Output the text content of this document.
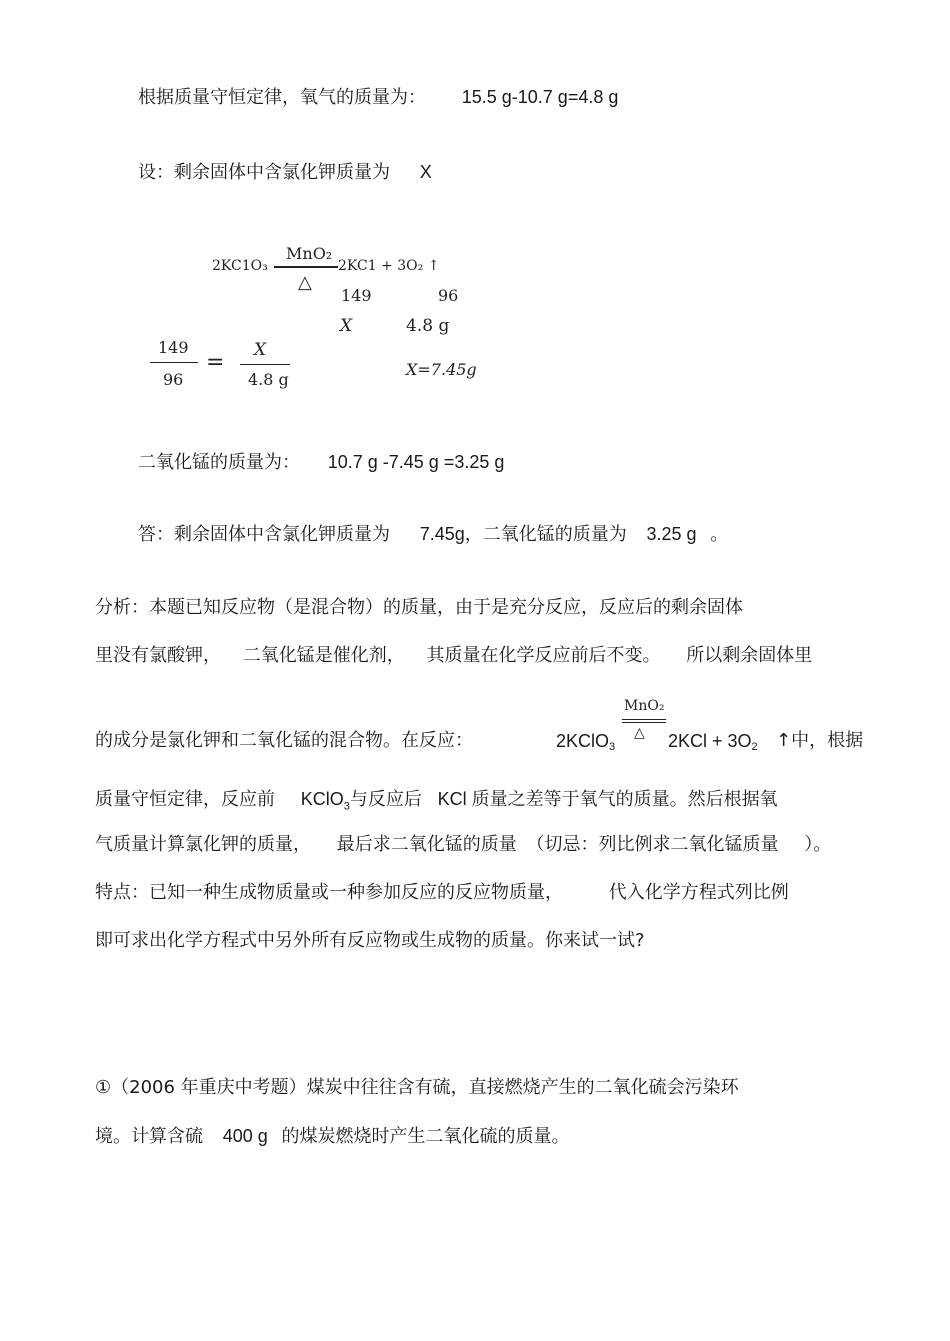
根据质量守恒定律，氧气的质量为： 15.5 g-10.7 g=4.8 g
设：剩余固体中含氯化钾质量为 X
2KC1O₃
MnO₂
△
2KC1 + 3O₂ ↑
149	96
X	4.8 g
149
96
= X
4.8 g
X=7.45g
二氧化锰的质量为： 10.7 g -7.45 g =3.25 g
答：剩余固体中含氯化钾质量为 7.45g，二氧化锰的质量为 3.25 g 。
分析：本题已知反应物（是混合物）的质量，由于是充分反应，反应后的剩余固体
里没有氯酸钾， 二氧化锰是催化剂， 其质量在化学反应前后不变。 所以剩余固体里
的成分是氯化钾和二氧化锰的混合物。在反应：	2KClO$_3$
MnO₂
△ $2KCl + 3O_2$ ↑中，根据
质量守恒定律，反应前 KClO$_3$与反应后 KCl 质量之差等于氧气的质量。然后根据氧
气质量计算氯化钾的质量， 最后求二氧化锰的质量 （切忌：列比例求二氧化锰质量 ）。
特点：已知一种生成物质量或一种参加反应的反应物质量，	代入化学方程式列比例
即可求出化学方程式中另外所有反应物或生成物的质量。你来试一试?
①（2006 年重庆中考题）煤炭中往往含有硫，直接燃烧产生的二氧化硫会污染环
境。计算含硫 400 g 的煤炭燃烧时产生二氧化硫的质量。
